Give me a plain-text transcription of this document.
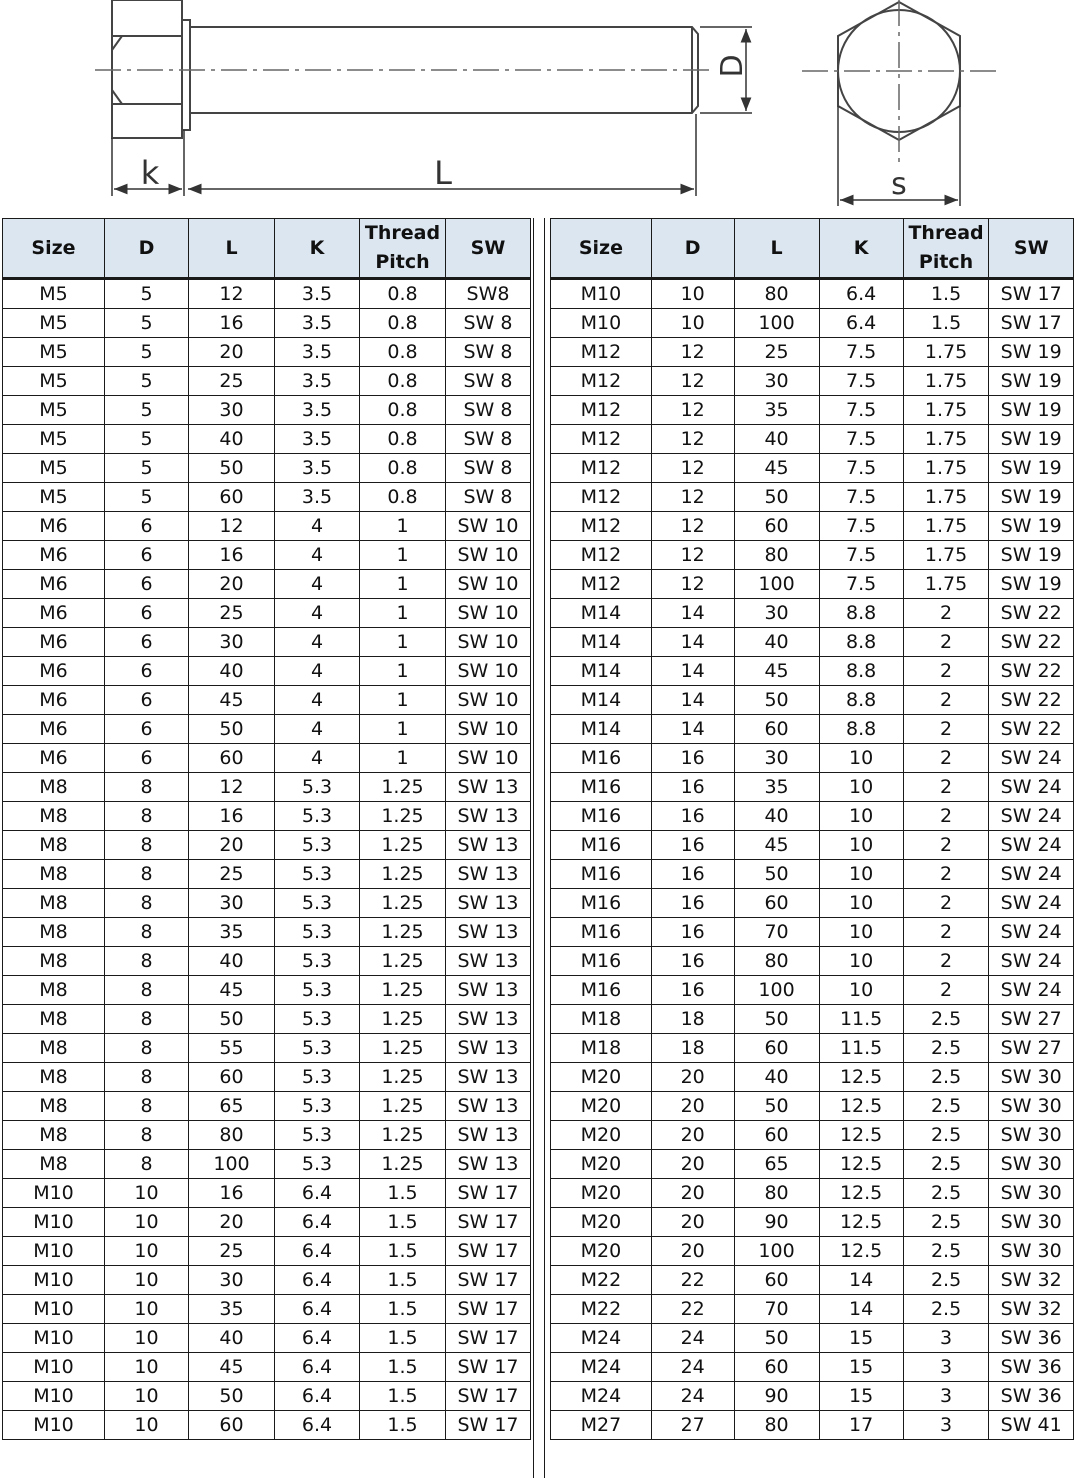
D
k	L	s
Size	D	L	K	Thread Pitch	SW
M5	5	12	3.5	0.8	SW8
M5	5	16	3.5	0.8	SW 8
M5	5	20	3.5	0.8	SW 8
M5	5	25	3.5	0.8	SW 8
M5	5	30	3.5	0.8	SW 8
M5	5	40	3.5	0.8	SW 8
M5	5	50	3.5	0.8	SW 8
M5	5	60	3.5	0.8	SW 8
M6	6	12	4	1	SW 10
M6	6	16	4	1	SW 10
M6	6	20	4	1	SW 10
M6	6	25	4	1	SW 10
M6	6	30	4	1	SW 10
M6	6	40	4	1	SW 10
M6	6	45	4	1	SW 10
M6	6	50	4	1	SW 10
M6	6	60	4	1	SW 10
M8	8	12	5.3	1.25	SW 13
M8	8	16	5.3	1.25	SW 13
M8	8	20	5.3	1.25	SW 13
M8	8	25	5.3	1.25	SW 13
M8	8	30	5.3	1.25	SW 13
M8	8	35	5.3	1.25	SW 13
M8	8	40	5.3	1.25	SW 13
M8	8	45	5.3	1.25	SW 13
M8	8	50	5.3	1.25	SW 13
M8	8	55	5.3	1.25	SW 13
M8	8	60	5.3	1.25	SW 13
M8	8	65	5.3	1.25	SW 13
M8	8	80	5.3	1.25	SW 13
M8	8	100	5.3	1.25	SW 13
M10	10	16	6.4	1.5	SW 17
M10	10	20	6.4	1.5	SW 17
M10	10	25	6.4	1.5	SW 17
M10	10	30	6.4	1.5	SW 17
M10	10	35	6.4	1.5	SW 17
M10	10	40	6.4	1.5	SW 17
M10	10	45	6.4	1.5	SW 17
M10	10	50	6.4	1.5	SW 17
M10	10	60	6.4	1.5	SW 17
Size	D	L	K	Thread Pitch	SW
M10	10	80	6.4	1.5	SW 17
M10	10	100	6.4	1.5	SW 17
M12	12	25	7.5	1.75	SW 19
M12	12	30	7.5	1.75	SW 19
M12	12	35	7.5	1.75	SW 19
M12	12	40	7.5	1.75	SW 19
M12	12	45	7.5	1.75	SW 19
M12	12	50	7.5	1.75	SW 19
M12	12	60	7.5	1.75	SW 19
M12	12	80	7.5	1.75	SW 19
M12	12	100	7.5	1.75	SW 19
M14	14	30	8.8	2	SW 22
M14	14	40	8.8	2	SW 22
M14	14	45	8.8	2	SW 22
M14	14	50	8.8	2	SW 22
M14	14	60	8.8	2	SW 22
M16	16	30	10	2	SW 24
M16	16	35	10	2	SW 24
M16	16	40	10	2	SW 24
M16	16	45	10	2	SW 24
M16	16	50	10	2	SW 24
M16	16	60	10	2	SW 24
M16	16	70	10	2	SW 24
M16	16	80	10	2	SW 24
M16	16	100	10	2	SW 24
M18	18	50	11.5	2.5	SW 27
M18	18	60	11.5	2.5	SW 27
M20	20	40	12.5	2.5	SW 30
M20	20	50	12.5	2.5	SW 30
M20	20	60	12.5	2.5	SW 30
M20	20	65	12.5	2.5	SW 30
M20	20	80	12.5	2.5	SW 30
M20	20	90	12.5	2.5	SW 30
M20	20	100	12.5	2.5	SW 30
M22	22	60	14	2.5	SW 32
M22	22	70	14	2.5	SW 32
M24	24	50	15	3	SW 36
M24	24	60	15	3	SW 36
M24	24	90	15	3	SW 36
M27	27	80	17	3	SW 41
